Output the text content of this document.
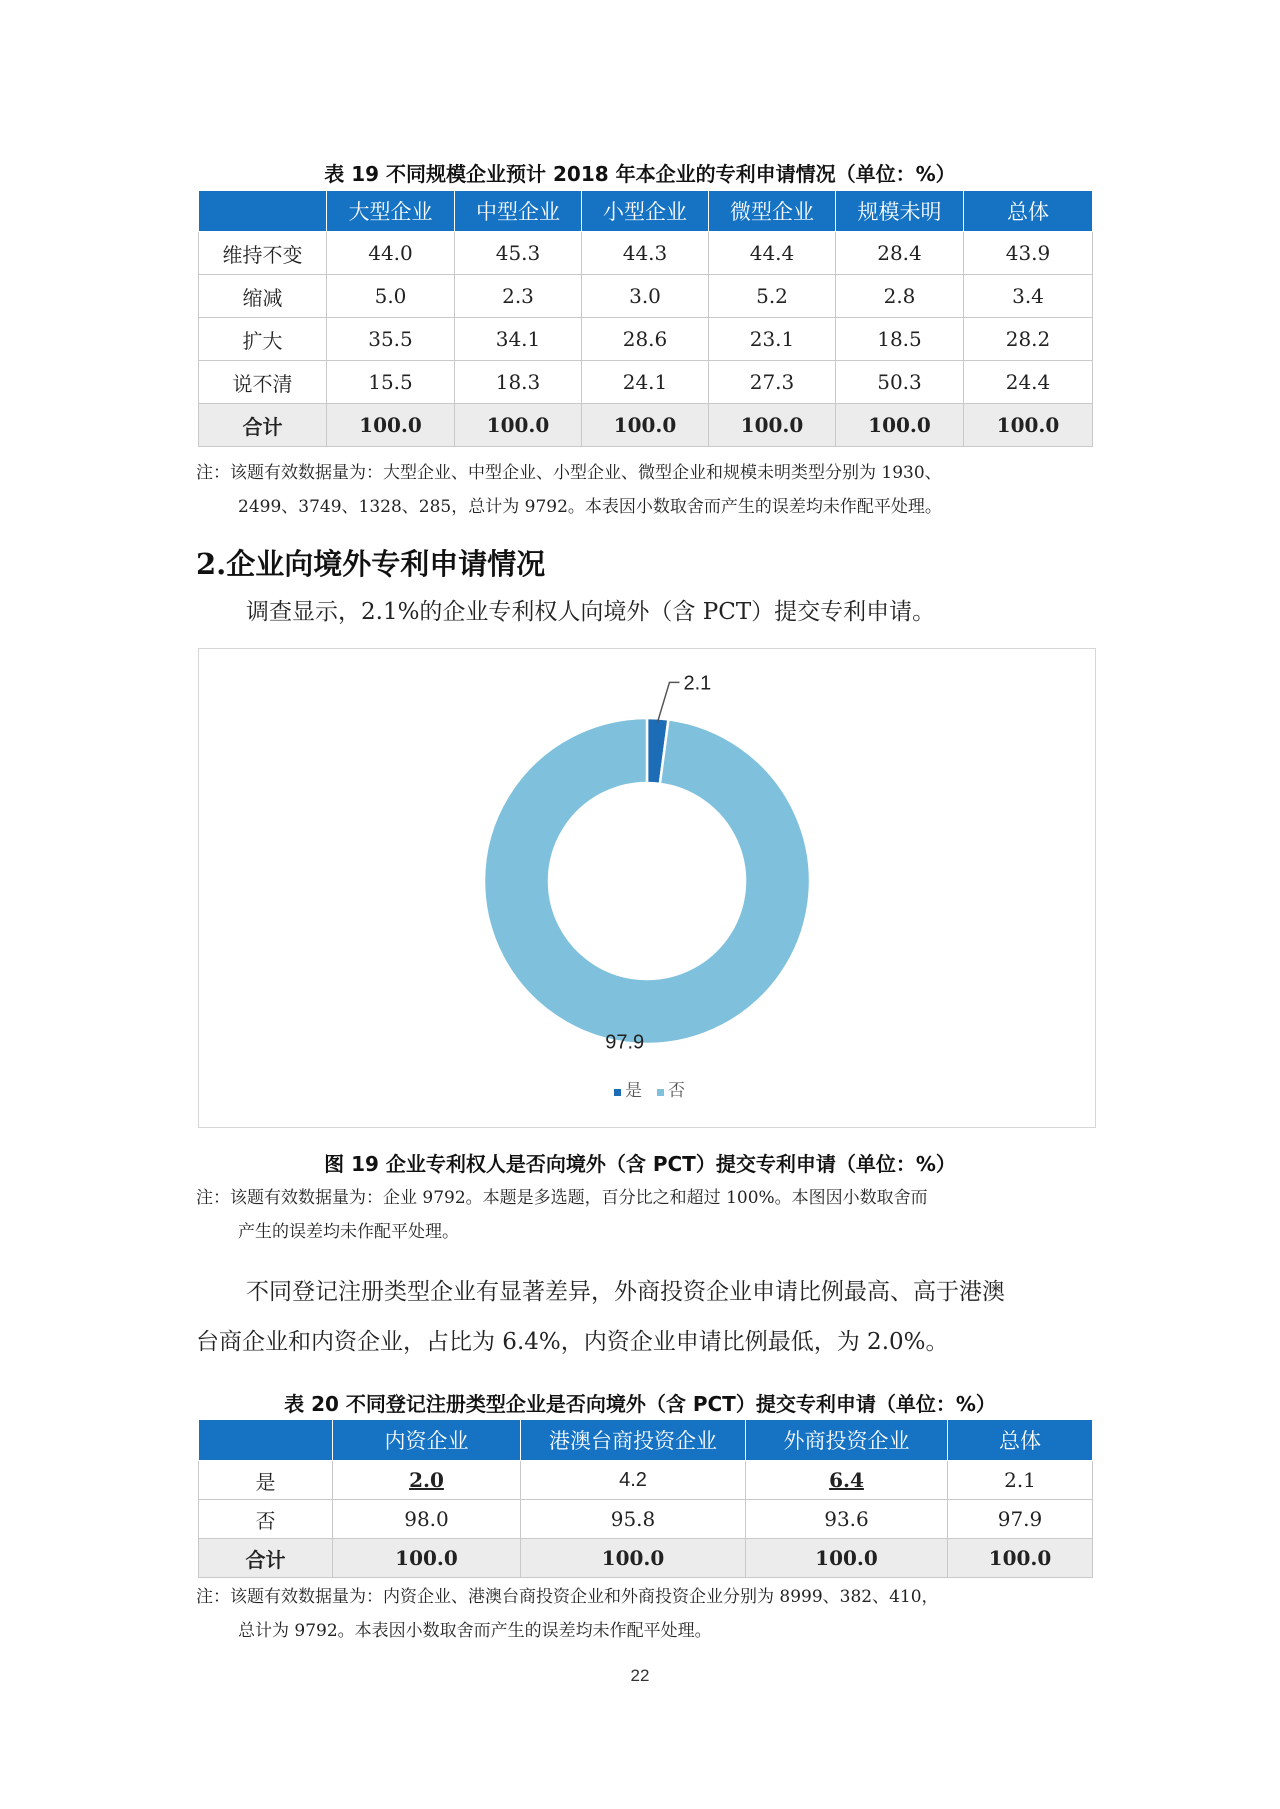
表 19 不同规模企业预计 2018 年本企业的专利申请情况（单位：%）
	大型企业	中型企业	小型企业	微型企业	规模未明	总体
维持不变	44.0	45.3	44.3	44.4	28.4	43.9
缩减	5.0	2.3	3.0	5.2	2.8	3.4
扩大	35.5	34.1	28.6	23.1	18.5	28.2
说不清	15.5	18.3	24.1	27.3	50.3	24.4
合计	100.0	100.0	100.0	100.0	100.0	100.0
注：该题有效数据量为：大型企业、中型企业、小型企业、微型企业和规模未明类型分别为 1930、
2499、3749、1328、285，总计为 9792。本表因小数取舍而产生的误差均未作配平处理。
2.企业向境外专利申请情况
调查显示，2.1%的企业专利权人向境外（含 PCT）提交专利申请。
2.1
97.9
是 否
图 19 企业专利权人是否向境外（含 PCT）提交专利申请（单位：%）
注：该题有效数据量为：企业 9792。本题是多选题，百分比之和超过 100%。本图因小数取舍而
产生的误差均未作配平处理。
不同登记注册类型企业有显著差异，外商投资企业申请比例最高、高于港澳
台商企业和内资企业，占比为 6.4%，内资企业申请比例最低，为 2.0%。
表 20 不同登记注册类型企业是否向境外（含 PCT）提交专利申请（单位：%）
	内资企业	港澳台商投资企业	外商投资企业	总体
是	2.0	4.2	6.4	2.1
否	98.0	95.8	93.6	97.9
合计	100.0	100.0	100.0	100.0
注：该题有效数据量为：内资企业、港澳台商投资企业和外商投资企业分别为 8999、382、410，
总计为 9792。本表因小数取舍而产生的误差均未作配平处理。
22
